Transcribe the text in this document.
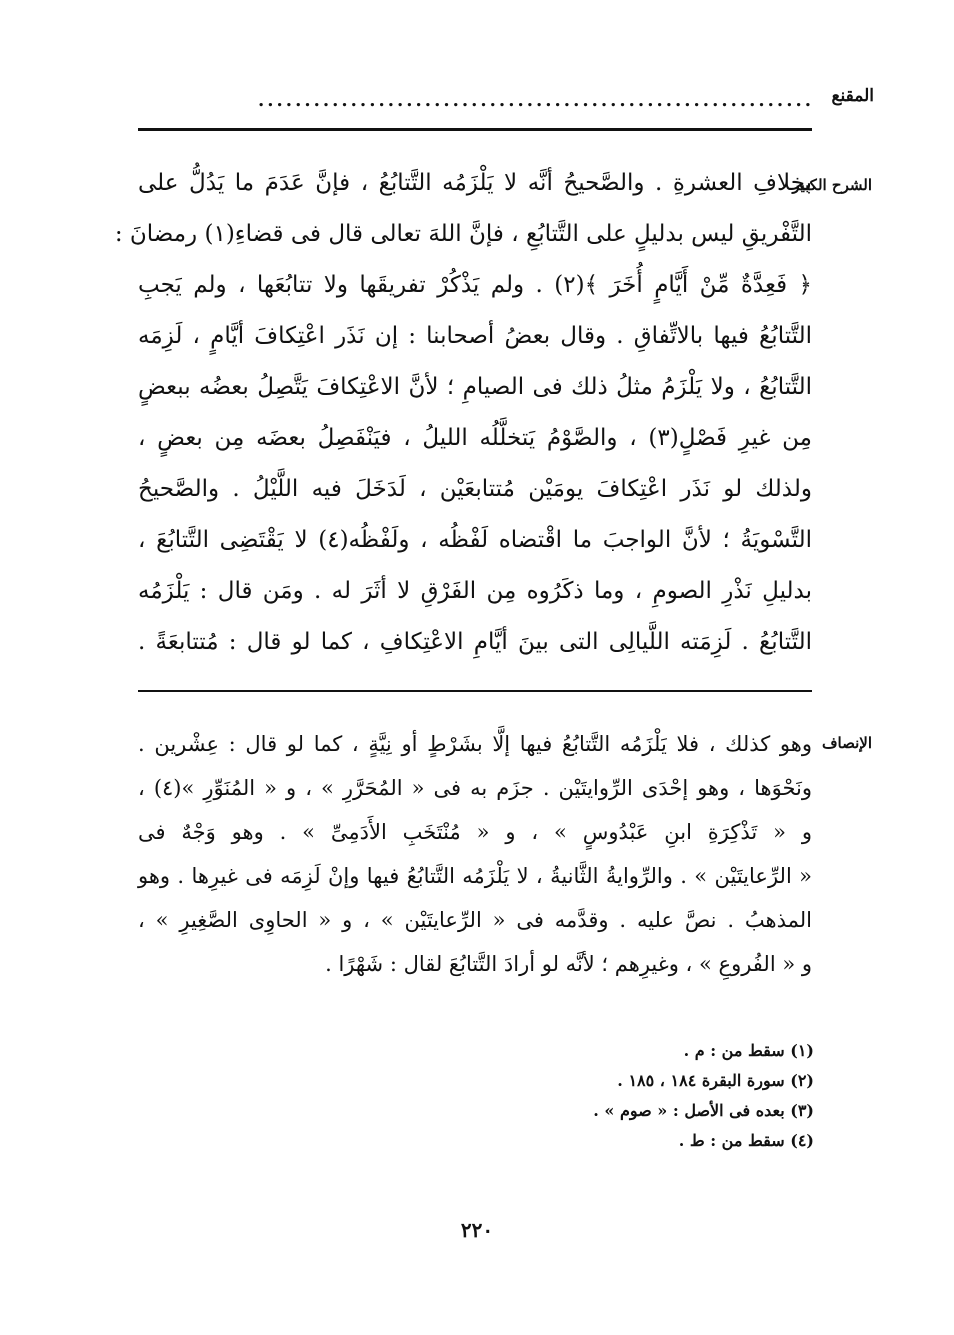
المقنع
............................................................
الشرح الكبير
بخلافِ العشرةِ . والصَّحيحُ أنَّه لا يَلْزَمُه التَّتابُعُ ، فإنَّ عَدَمَ ما يَدُلُّ على
التَّفْريقِ ليس بدليلٍ على التَّتابُعِ ، فإنَّ اللهَ تعالى قال فى قضاءِ(١) رمضانَ :
﴿ فَعِدَّةٌ مِّنْ أَيَّامٍ أُخَرَ ﴾(٢) . ولم يَذْكُرْ تفريقَها ولا تتابُعَها ، ولم يَجبِ
التَّتابُعُ فيها بالاتِّفاقِ . وقال بعضُ أصحابنا : إن نَذَر اعْتِكافَ أيَّامٍ ، لَزِمَه
التَّتابُعُ ، ولا يَلْزَمُ مثلُ ذلك فى الصيامِ ؛ لأنَّ الاعْتِكافَ يَتَّصِلُ بعضُه ببعضٍ
مِن غيرِ فَصْلٍ(٣) ، والصَّوْمُ يَتخلَّلُه الليلُ ، فيَنْفَصِلُ بعضَه مِن بعضٍ ،
ولذلك لو نَذَر اعْتِكافَ يومَيْن مُتتابعَيْن ، لَدَخَلَ فيه اللَّيْلُ . والصَّحيحُ
التَّسْويَةُ ؛ لأنَّ الواجبَ ما اقْتضاه لَفْظُه ، ولَفْظُه(٤) لا يَقْتَضِى التَّتابُعَ ،
بدليلِ نَذْرِ الصومِ ، وما ذكَرُوه مِن الفَرْقِ لا أثَرَ له . ومَن قال : يَلْزَمُه
التَّتابُعُ . لَزِمَته اللَّيالِى التى بينَ أيَّامِ الاعْتِكافِ ، كما لو قال : مُتتابعَةً .
الإنصاف
وهو كذلك ، فلا يَلْزَمُه التَّتابُعُ فيها إلَّا بشَرْطٍ أو نِيَّةٍ ، كما لو قال : عِشْرين .
ونَحْوَها ، وهو إحْدَى الرِّوايتَيْن . جزَم به فى « المُحَرَّرِ » ، و « المُنَوِّرِ »(٤) ،
و « تَذْكِرَةِ ابنِ عَبْدُوسٍ » ، و « مُنْتَخَبِ الأَدَمِىِّ » . وهو وَجْهٌ فى
« الرِّعايتَيْن » . والرِّوايةُ الثَّانيةُ ، لا يَلْزَمُه التَّتابُعُ فيها وإنْ لَزِمَه فى غيرِها . وهو
المذهبُ . نصَّ عليه . وقدَّمه فى « الرِّعايتَيْن » ، و « الحاوِى الصَّغِيرِ » ،
و « الفُروعِ » ، وغيرِهم ؛ لأنَّه لو أرادَ التَّتابُعَ لقال : شَهْرًا .
(١) سقط من : م .
(٢) سورة البقرة ١٨٤ ، ١٨٥ .
(٣) بعده فى الأصل : « صوم » .
(٤) سقط من : ط .
٢٢٠
